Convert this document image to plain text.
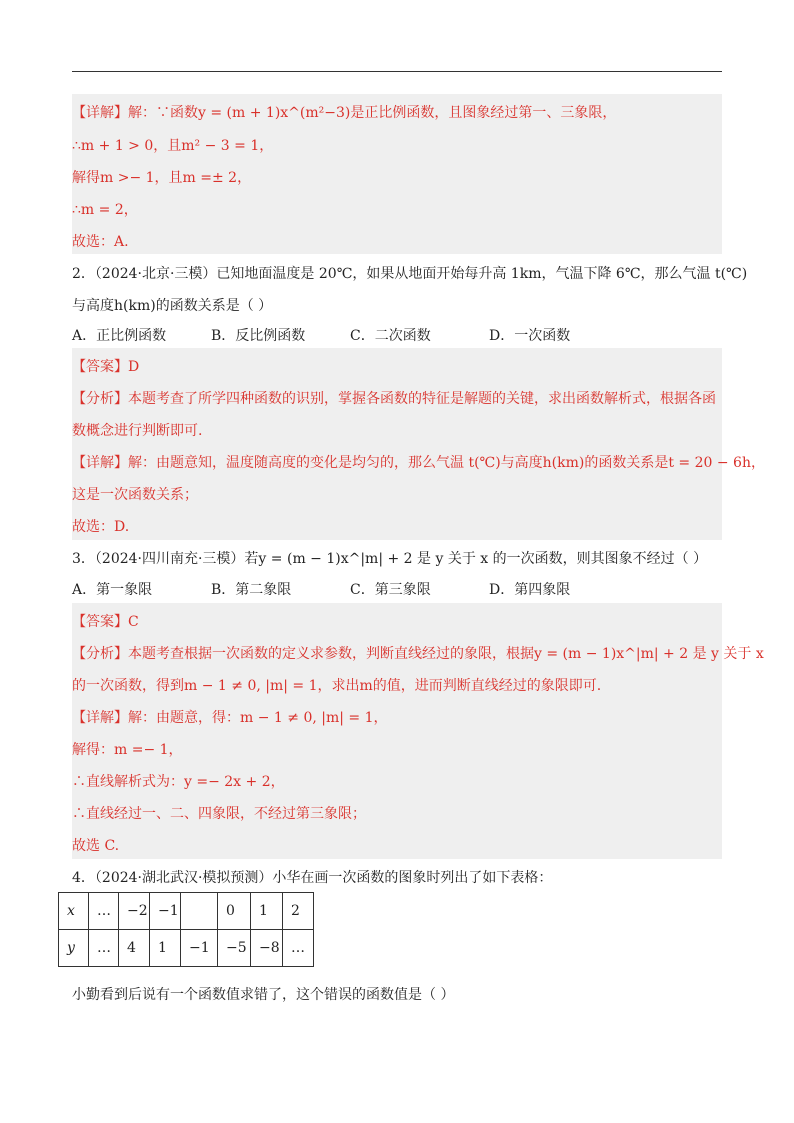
【详解】解：∵函数y = (m + 1)x^(m²−3)是正比例函数，且图象经过第一、三象限，
∴m + 1 > 0，且m² − 3 = 1，
解得m >− 1，且m =± 2，
∴m = 2，
故选：A.
2．（2024·北京·三模）已知地面温度是 20℃，如果从地面开始每升高 1km，气温下降 6℃，那么气温 t(℃)
与高度h(km)的函数关系是（ ）
A．正比例函数	B．反比例函数	C．二次函数	D．一次函数
【答案】D
【分析】本题考查了所学四种函数的识别，掌握各函数的特征是解题的关键，求出函数解析式，根据各函
数概念进行判断即可.
【详解】解：由题意知，温度随高度的变化是均匀的，那么气温 t(℃)与高度h(km)的函数关系是t = 20 − 6h，
这是一次函数关系；
故选：D.
3．（2024·四川南充·三模）若y = (m − 1)x^|m| + 2 是 y 关于 x 的一次函数，则其图象不经过（ ）
A．第一象限	B．第二象限	C．第三象限	D．第四象限
【答案】C
【分析】本题考查根据一次函数的定义求参数，判断直线经过的象限，根据y = (m − 1)x^|m| + 2 是 y 关于 x
的一次函数，得到m − 1 ≠ 0, |m| = 1，求出m的值，进而判断直线经过的象限即可.
【详解】解：由题意，得：m − 1 ≠ 0, |m| = 1，
解得：m =− 1，
∴直线解析式为：y =− 2x + 2，
∴直线经过一、二、四象限，不经过第三象限；
故选 C.
4．（2024·湖北武汉·模拟预测）小华在画一次函数的图象时列出了如下表格：
x	…	−2	−1		0	1	2
y	…	4	1	−1	−5	−8	…
小勤看到后说有一个函数值求错了，这个错误的函数值是（ ）
